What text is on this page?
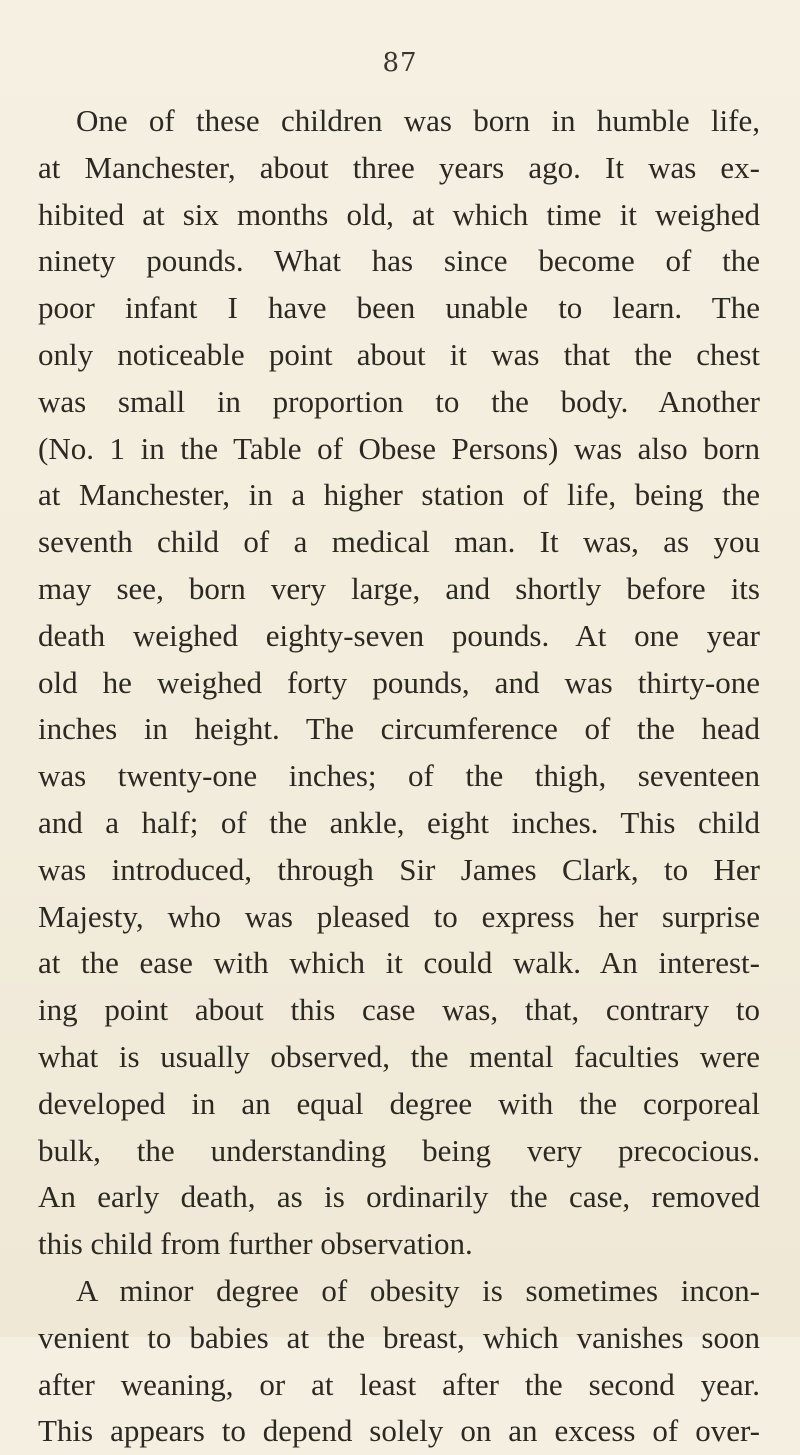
87
One of these children was born in humble life,
at Manchester, about three years ago. It was ex-
hibited at six months old, at which time it weighed
ninety pounds. What has since become of the
poor infant I have been unable to learn. The
only noticeable point about it was that the chest
was small in proportion to the body. Another
(No. 1 in the Table of Obese Persons) was also born
at Manchester, in a higher station of life, being the
seventh child of a medical man. It was, as you
may see, born very large, and shortly before its
death weighed eighty-seven pounds. At one year
old he weighed forty pounds, and was thirty-one
inches in height. The circumference of the head
was twenty-one inches; of the thigh, seventeen
and a half; of the ankle, eight inches. This child
was introduced, through Sir James Clark, to Her
Majesty, who was pleased to express her surprise
at the ease with which it could walk. An interest-
ing point about this case was, that, contrary to
what is usually observed, the mental faculties were
developed in an equal degree with the corporeal
bulk, the understanding being very precocious.
An early death, as is ordinarily the case, removed
this child from further observation.
A minor degree of obesity is sometimes incon-
venient to babies at the breast, which vanishes soon
after weaning, or at least after the second year.
This appears to depend solely on an excess of over-
